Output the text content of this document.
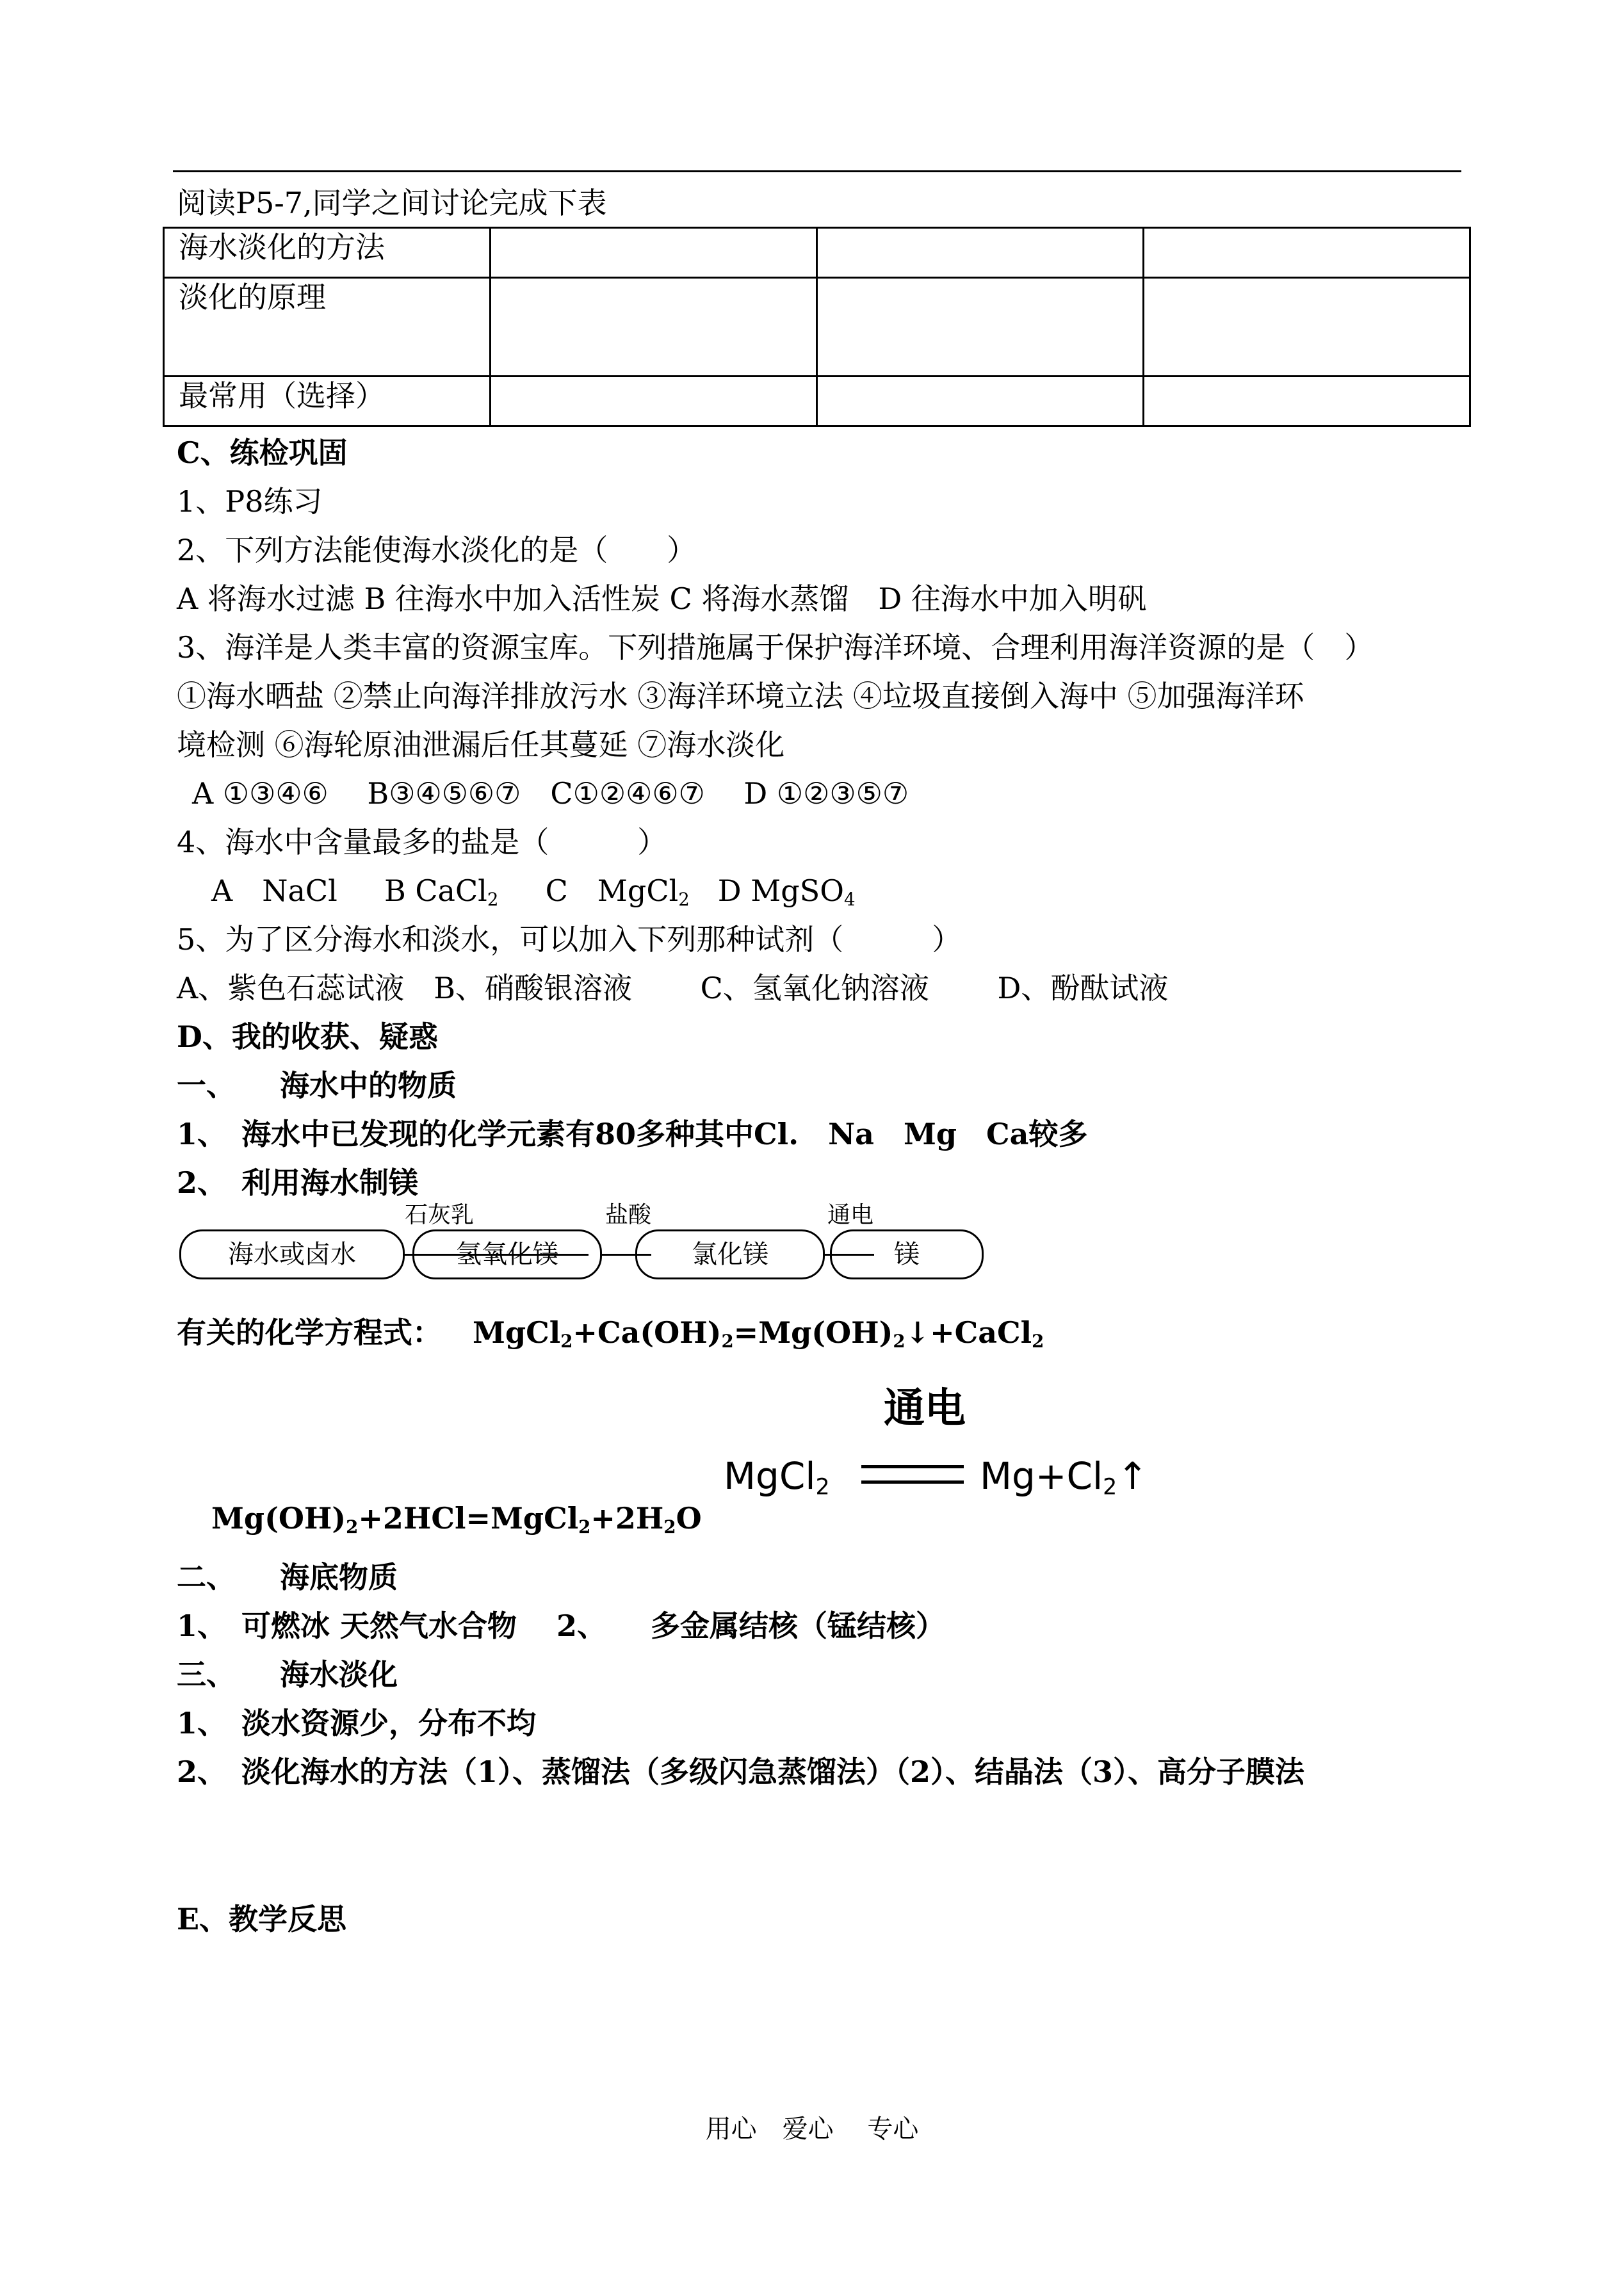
阅读P5-7,同学之间讨论完成下表
海水淡化的方法			
淡化的原理			
最常用（选择）			
C、练检巩固
1、P8练习
2、下列方法能使海水淡化的是（　　）
A 将海水过滤 B 往海水中加入活性炭 C 将海水蒸馏　D 往海水中加入明矾
3、海洋是人类丰富的资源宝库。下列措施属于保护海洋环境、合理利用海洋资源的是（　）
①海水晒盐 ②禁止向海洋排放污水 ③海洋环境立法 ④垃圾直接倒入海中 ⑤加强海洋环
境检测 ⑥海轮原油泄漏后任其蔓延 ⑦海水淡化
A ①③④⑥　 B③④⑤⑥⑦　C①②④⑥⑦　 D ①②③⑤⑦
4、海水中含量最多的盐是（　　　）
A　NaCl B CaCl$_2$ C　MgCl$_2$ D MgSO$_4$
5、为了区分海水和淡水，可以加入下列那种试剂（　　　）
A、紫色石蕊试液　B、硝酸银溶液　　 C、氢氧化钠溶液　　 D、酚酞试液
D、我的收获、疑惑
一、　　海水中的物质
1、　海水中已发现的化学元素有80多种其中Cl.　Na　Mg　Ca较多
2、　利用海水制镁
海水或卤水
石灰乳
氢氧化镁
盐酸
氯化镁
通电
镁
有关的化学方程式： $MgCl_2+Ca(OH)_2=Mg(OH)_2↓+CaCl_2$
通电
MgCl$_2$	$Mg+Cl_2↑$
$Mg(OH)_2+2HCl=MgCl_2+2H_2O$
二、　　海底物质
1、　可燃冰 天然气水合物　 2、　　多金属结核（锰结核）
三、　　海水淡化
1、　淡水资源少，分布不均
2、　淡化海水的方法（1）、蒸馏法（多级闪急蒸馏法）（2）、结晶法（3）、高分子膜法
E、教学反思
用心　爱心　 专心
